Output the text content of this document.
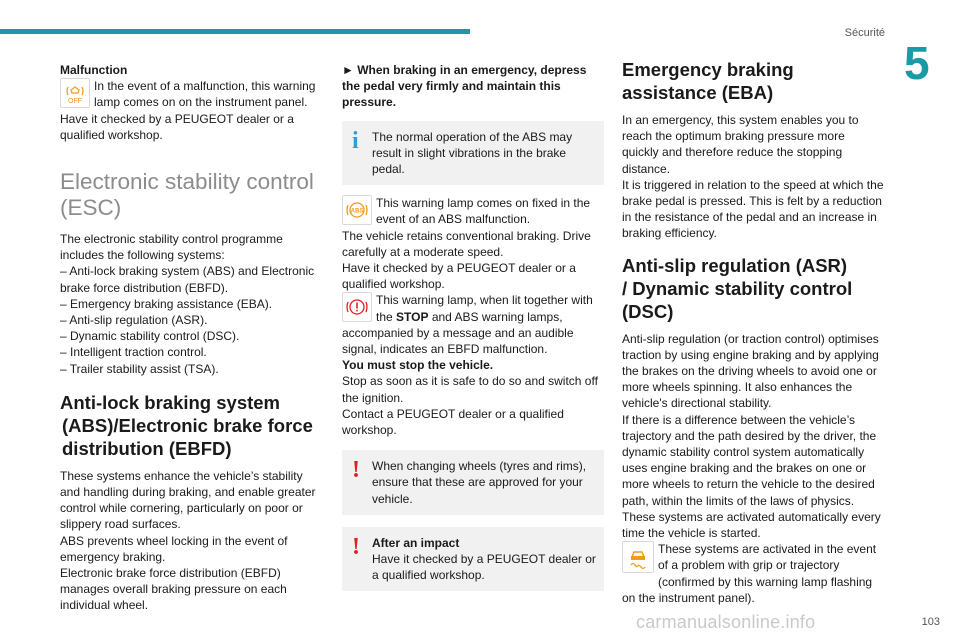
Sécurité
5

Malfunction

OFF

In the event of a malfunction, this warning lamp comes on on the instrument panel.

Have it checked by a PEUGEOT dealer or a qualified workshop.

Electronic stability control
(ESC)

The electronic stability control programme includes the following systems:

– Anti-lock braking system (ABS) and Electronic brake force distribution (EBFD).

– Emergency braking assistance (EBA).

– Anti-slip regulation (ASR).

– Dynamic stability control (DSC).

– Intelligent traction control.

– Trailer stability assist (TSA).

Anti-lock braking system
(ABS)/Electronic brake force
distribution (EBFD)

These systems enhance the vehicle’s stability and handling during braking, and enable greater control while cornering, particularly on poor or slippery road surfaces.

ABS prevents wheel locking in the event of emergency braking.

Electronic brake force distribution (EBFD) manages overall braking pressure on each individual wheel.

► When braking in an emergency, depress the pedal very firmly and maintain this pressure.

i	The normal operation of the ABS may result in slight vibrations in the brake pedal.

ABS

This warning lamp comes on fixed in the event of an ABS malfunction.

The vehicle retains conventional braking. Drive carefully at a moderate speed.

Have it checked by a PEUGEOT dealer or a qualified workshop.

This warning lamp, when lit together with the STOP and ABS warning lamps, accompanied by a message and an audible signal, indicates an EBFD malfunction.

You must stop the vehicle.

Stop as soon as it is safe to do so and switch off the ignition.

Contact a PEUGEOT dealer or a qualified workshop.

!	When changing wheels (tyres and rims), ensure that these are approved for your vehicle.

!	After an impact

Have it checked by a PEUGEOT dealer or a qualified workshop.

Emergency braking
assistance (EBA)

In an emergency, this system enables you to reach the optimum braking pressure more quickly and therefore reduce the stopping distance.

It is triggered in relation to the speed at which the brake pedal is pressed. This is felt by a reduction in the resistance of the pedal and an increase in braking efficiency.

Anti-slip regulation (ASR)
/ Dynamic stability control
(DSC)

Anti-slip regulation (or traction control) optimises traction by using engine braking and by applying the brakes on the driving wheels to avoid one or more wheels spinning. It also enhances the vehicle's directional stability.

If there is a difference between the vehicle’s trajectory and the path desired by the driver, the dynamic stability control system automatically uses engine braking and the brakes on one or more wheels to return the vehicle to the desired path, within the limits of the laws of physics.

These systems are activated automatically every time the vehicle is started.

These systems are activated in the event of a problem with grip or trajectory (confirmed by this warning lamp flashing on the instrument panel).

carmanualsonline.info	103
